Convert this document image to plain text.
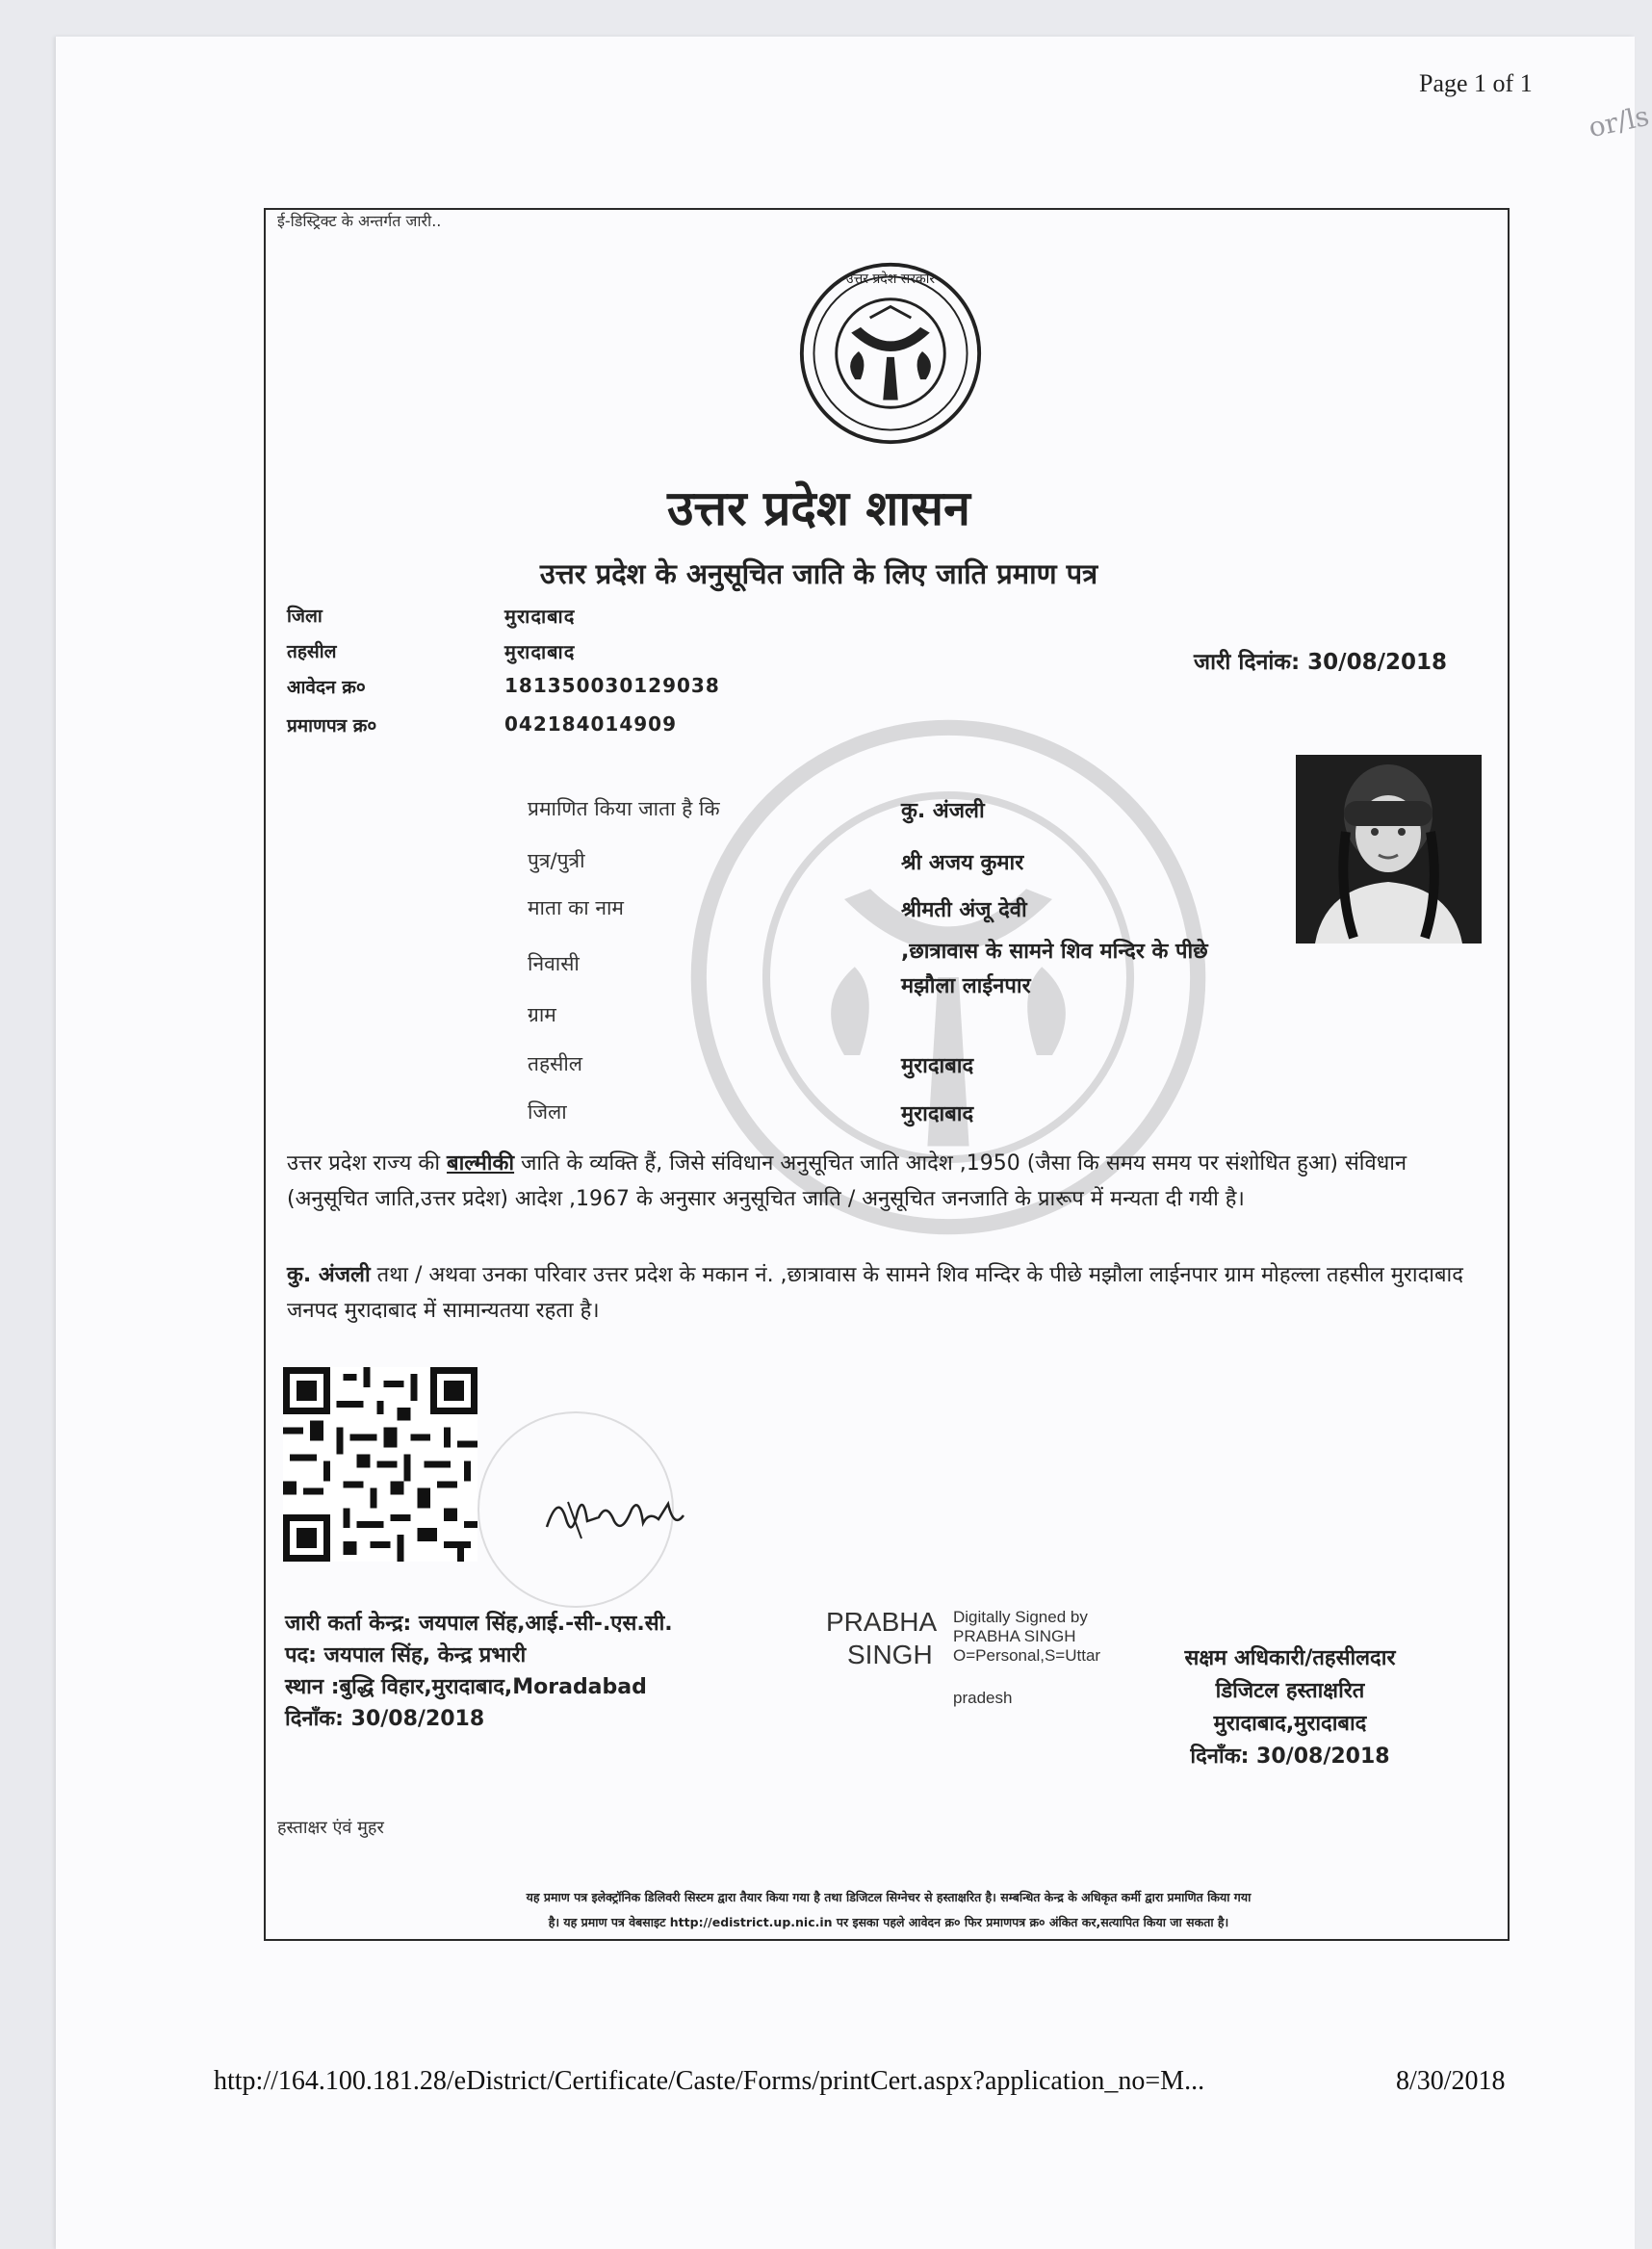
Page 1 of 1
or/ls
ई-डिस्ट्रिक्ट के अन्तर्गत जारी..
उत्तर प्रदेश सरकार
उत्तर प्रदेश शासन
उत्तर प्रदेश के अनुसूचित जाति के लिए जाति प्रमाण पत्र
जिला	मुरादाबाद
तहसील	मुरादाबाद
आवेदन क्र०	181350030129038
प्रमाणपत्र क्र०	042184014909
जारी दिनांक: 30/08/2018
प्रमाणित किया जाता है कि	कु. अंजली
पुत्र/पुत्री	श्री अजय कुमार
माता का नाम	श्रीमती अंजू देवी
निवासी	,छात्रावास के सामने शिव मन्दिर के पीछे
मझौला लाईनपार
ग्राम
तहसील	मुरादाबाद
जिला	मुरादाबाद
उत्तर प्रदेश राज्य की बाल्मीकी जाति के व्यक्ति हैं, जिसे संविधान अनुसूचित जाति आदेश ,1950 (जैसा कि समय समय पर संशोधित हुआ) संविधान (अनुसूचित जाति,उत्तर प्रदेश) आदेश ,1967 के अनुसार अनुसूचित जाति / अनुसूचित जनजाति के प्रारूप में मन्यता दी गयी है।
कु. अंजली तथा / अथवा उनका परिवार उत्तर प्रदेश के मकान नं. ,छात्रावास के सामने शिव मन्दिर के पीछे मझौला लाईनपार ग्राम मोहल्ला तहसील मुरादाबाद जनपद मुरादाबाद में सामान्यतया रहता है।
जारी कर्ता केन्द्र: जयपाल सिंह,आई.-सी-.एस.सी.
पद: जयपाल सिंह, केन्द्र प्रभारी
स्थान :बुद्धि विहार,मुरादाबाद,Moradabad
दिनाँक: 30/08/2018
PRABHA
SINGH
Digitally Signed by
PRABHA SINGH
O=Personal,S=Uttar
pradesh
सक्षम अधिकारी/तहसीलदार
डिजिटल हस्ताक्षरित
मुरादाबाद,मुरादाबाद
दिनाँक: 30/08/2018
हस्ताक्षर एंवं मुहर
यह प्रमाण पत्र इलेक्ट्रॉनिक डिलिवरी सिस्टम द्वारा तैयार किया गया है तथा डिजिटल सिग्नेचर से हस्ताक्षरित है। सम्बन्धित केन्द्र के अधिकृत कर्मी द्वारा प्रमाणित किया गया
है। यह प्रमाण पत्र वेबसाइट http://edistrict.up.nic.in पर इसका पहले आवेदन क्र० फिर प्रमाणपत्र क्र० अंकित कर,सत्यापित किया जा सकता है।
http://164.100.181.28/eDistrict/Certificate/Caste/Forms/printCert.aspx?application_no=M...	8/30/2018
